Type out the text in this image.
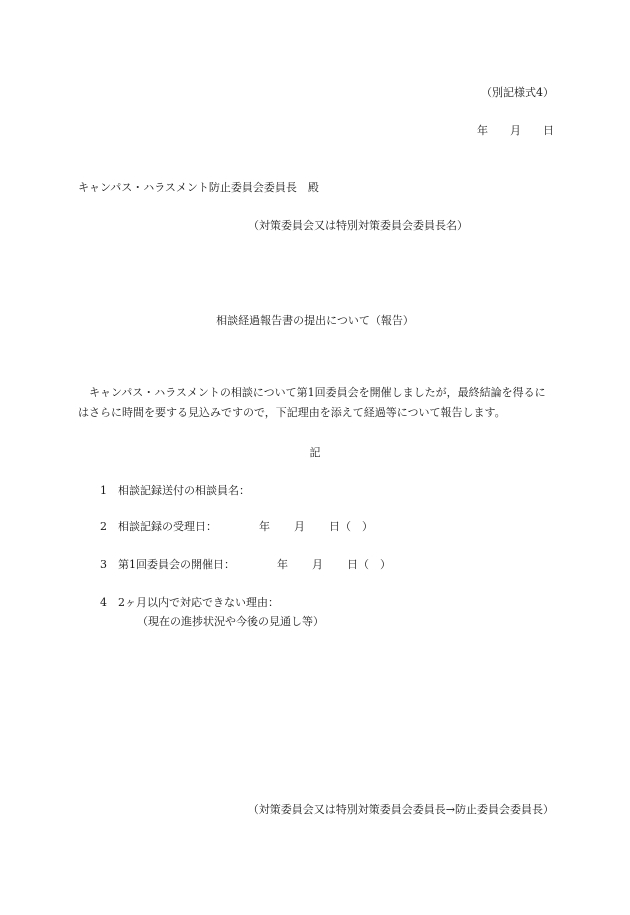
（別記様式4）
年 月 日
キャンパス・ハラスメント防止委員会委員長　殿
（対策委員会又は特別対策委員会委員長名）
相談経過報告書の提出について（報告）
キャンパス・ハラスメントの相談について第1回委員会を開催しましたが，最終結論を得るにはさらに時間を要する見込みですので，下記理由を添えて経過等について報告します。
記
1 相談記録送付の相談員名：
2 相談記録の受理日：	年 月 日（　）
3 第1回委員会の開催日：	年 月 日（　）
4 2ヶ月以内で対応できない理由：
（現在の進捗状況や今後の見通し等）
（対策委員会又は特別対策委員会委員長→防止委員会委員長）
